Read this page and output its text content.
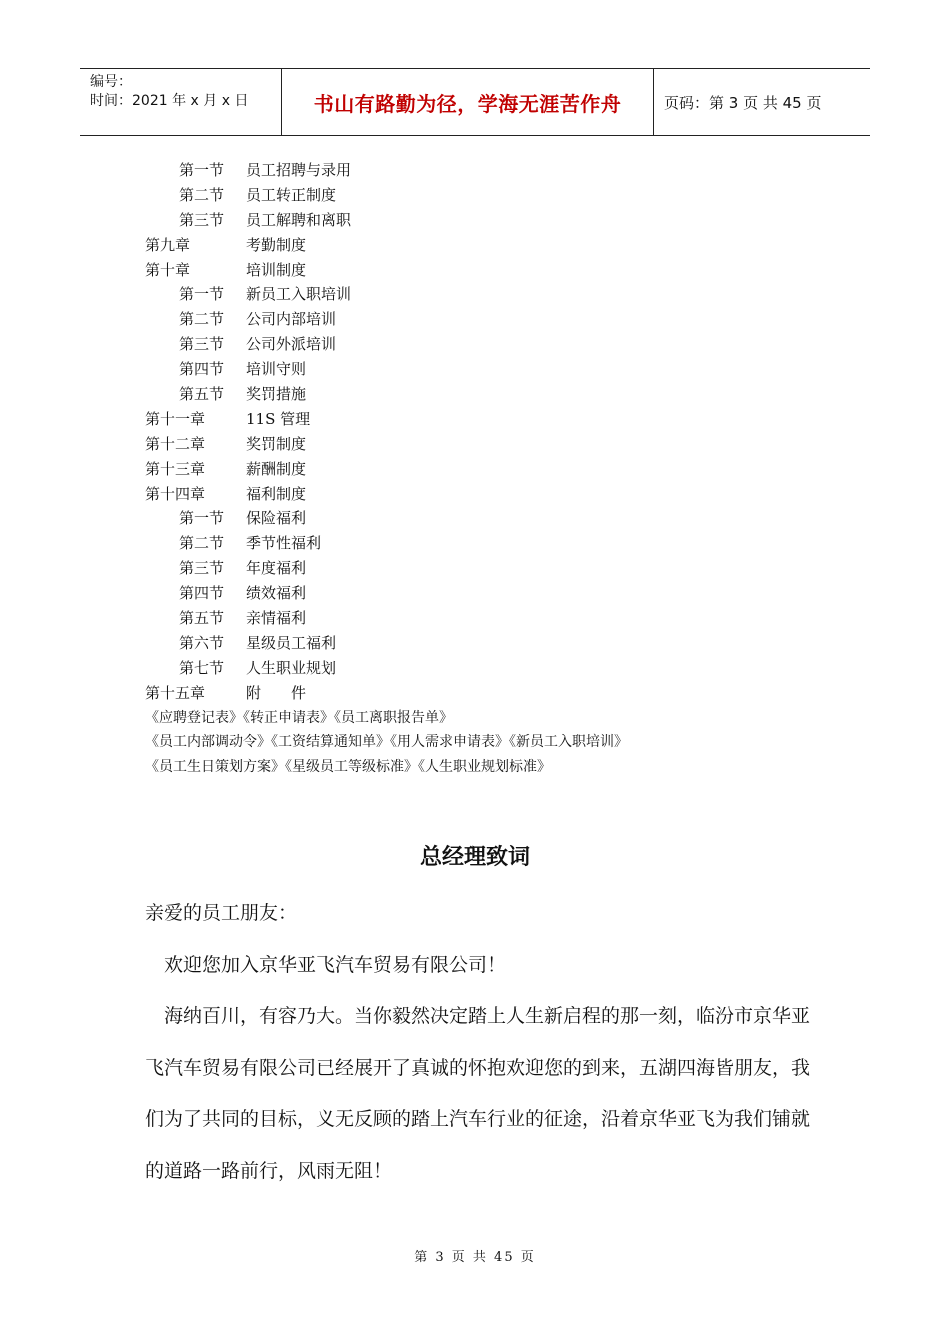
编号：
时间：2021 年 x 月 x 日	书山有路勤为径，学海无涯苦作舟	页码：第 3 页 共 45 页
第一节	员工招聘与录用
第二节	员工转正制度
第三节	员工解聘和离职
第九章	考勤制度
第十章	培训制度
第一节	新员工入职培训
第二节	公司内部培训
第三节	公司外派培训
第四节	培训守则
第五节	奖罚措施
第十一章	11S 管理
第十二章	奖罚制度
第十三章	薪酬制度
第十四章	福利制度
第一节	保险福利
第二节	季节性福利
第三节	年度福利
第四节	绩效福利
第五节	亲情福利
第六节	星级员工福利
第七节	人生职业规划
第十五章	附　　件
《应聘登记表》《转正申请表》《员工离职报告单》
《员工内部调动令》《工资结算通知单》《用人需求申请表》《新员工入职培训》
《员工生日策划方案》《星级员工等级标准》《人生职业规划标准》
总经理致词

亲爱的员工朋友：

欢迎您加入京华亚飞汽车贸易有限公司！

海纳百川，有容乃大。当你毅然决定踏上人生新启程的那一刻，临汾市京华亚飞汽车贸易有限公司已经展开了真诚的怀抱欢迎您的到来，五湖四海皆朋友，我们为了共同的目标，义无反顾的踏上汽车行业的征途，沿着京华亚飞为我们铺就的道路一路前行，风雨无阻！

第 3 页 共 45 页
